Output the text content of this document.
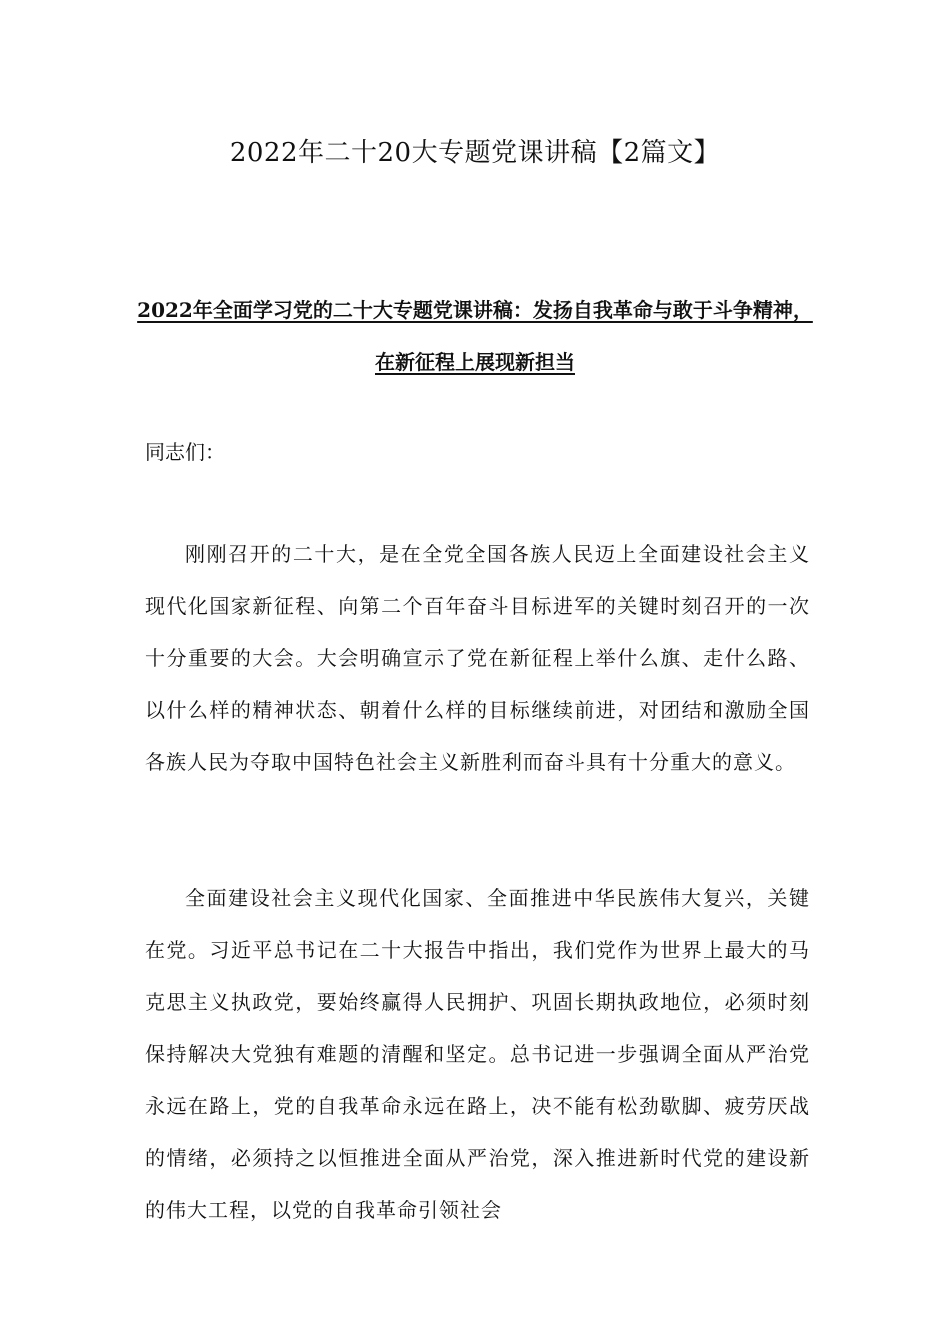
2022年二十20大专题党课讲稿【2篇文】
2022年全面学习党的二十大专题党课讲稿：发扬自我革命与敢于斗争精神，在新征程上展现新担当

同志们：

刚刚召开的二十大，是在全党全国各族人民迈上全面建设社会主义现代化国家新征程、向第二个百年奋斗目标进军的关键时刻召开的一次十分重要的大会。大会明确宣示了党在新征程上举什么旗、走什么路、以什么样的精神状态、朝着什么样的目标继续前进，对团结和激励全国各族人民为夺取中国特色社会主义新胜利而奋斗具有十分重大的意义。

全面建设社会主义现代化国家、全面推进中华民族伟大复兴，关键在党。习近平总书记在二十大报告中指出，我们党作为世界上最大的马克思主义执政党，要始终赢得人民拥护、巩固长期执政地位，必须时刻保持解决大党独有难题的清醒和坚定。总书记进一步强调全面从严治党永远在路上，党的自我革命永远在路上，决不能有松劲歇脚、疲劳厌战的情绪，必须持之以恒推进全面从严治党，深入推进新时代党的建设新的伟大工程，以党的自我革命引领社会
